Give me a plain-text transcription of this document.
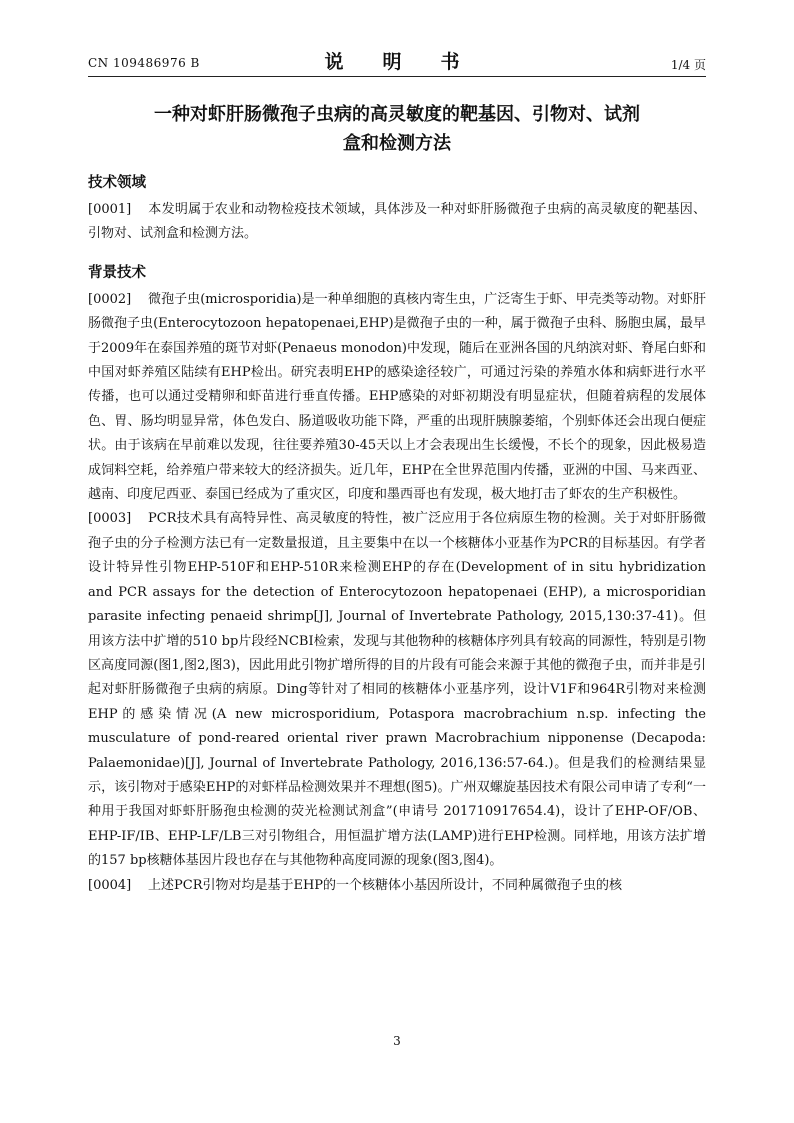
CN 109486976 B	说　明　书	1/4 页
一种对虾肝肠微孢子虫病的高灵敏度的靶基因、引物对、试剂
盒和检测方法
技术领域

[0001] 本发明属于农业和动物检疫技术领域，具体涉及一种对虾肝肠微孢子虫病的高灵敏度的靶基因、引物对、试剂盒和检测方法。

背景技术

[0002] 微孢子虫(microsporidia)是一种单细胞的真核内寄生虫，广泛寄生于虾、甲壳类等动物。对虾肝肠微孢子虫(Enterocytozoon hepatopenaei,EHP)是微孢子虫的一种，属于微孢子虫科、肠胞虫属，最早于2009年在泰国养殖的斑节对虾(Penaeus monodon)中发现，随后在亚洲各国的凡纳滨对虾、脊尾白虾和中国对虾养殖区陆续有EHP检出。研究表明EHP的感染途径较广，可通过污染的养殖水体和病虾进行水平传播，也可以通过受精卵和虾苗进行垂直传播。EHP感染的对虾初期没有明显症状，但随着病程的发展体色、胃、肠均明显异常，体色发白、肠道吸收功能下降，严重的出现肝胰腺萎缩，个别虾体还会出现白便症状。由于该病在早前难以发现，往往要养殖30-45天以上才会表现出生长缓慢，不长个的现象，因此极易造成饲料空耗，给养殖户带来较大的经济损失。近几年，EHP在全世界范围内传播，亚洲的中国、马来西亚、越南、印度尼西亚、泰国已经成为了重灾区，印度和墨西哥也有发现，极大地打击了虾农的生产积极性。

[0003] PCR技术具有高特异性、高灵敏度的特性，被广泛应用于各位病原生物的检测。关于对虾肝肠微孢子虫的分子检测方法已有一定数量报道，且主要集中在以一个核糖体小亚基作为PCR的目标基因。有学者设计特异性引物EHP-510F和EHP-510R来检测EHP的存在(Development of in situ hybridization and PCR assays for the detection of Enterocytozoon hepatopenaei (EHP), a microsporidian parasite infecting penaeid shrimp[J], Journal of Invertebrate Pathology, 2015,130:37-41)。但用该方法中扩增的510 bp片段经NCBI检索，发现与其他物种的核糖体序列具有较高的同源性，特别是引物区高度同源(图1,图2,图3)，因此用此引物扩增所得的目的片段有可能会来源于其他的微孢子虫，而并非是引起对虾肝肠微孢子虫病的病原。Ding等针对了相同的核糖体小亚基序列，设计V1F和964R引物对来检测EHP的感染情况(A new microsporidium, Potaspora macrobrachium n.sp. infecting the musculature of pond-reared oriental river prawn Macrobrachium nipponense (Decapoda: Palaemonidae)[J], Journal of Invertebrate Pathology, 2016,136:57-64.)。但是我们的检测结果显示，该引物对于感染EHP的对虾样品检测效果并不理想(图5)。广州双螺旋基因技术有限公司申请了专利“一种用于我国对虾虾肝肠孢虫检测的荧光检测试剂盒”(申请号 201710917654.4)，设计了EHP-OF/OB、EHP-IF/IB、EHP-LF/LB三对引物组合，用恒温扩增方法(LAMP)进行EHP检测。同样地，用该方法扩增的157 bp核糖体基因片段也存在与其他物种高度同源的现象(图3,图4)。

[0004] 上述PCR引物对均是基于EHP的一个核糖体小基因所设计，不同种属微孢子虫的核

3
